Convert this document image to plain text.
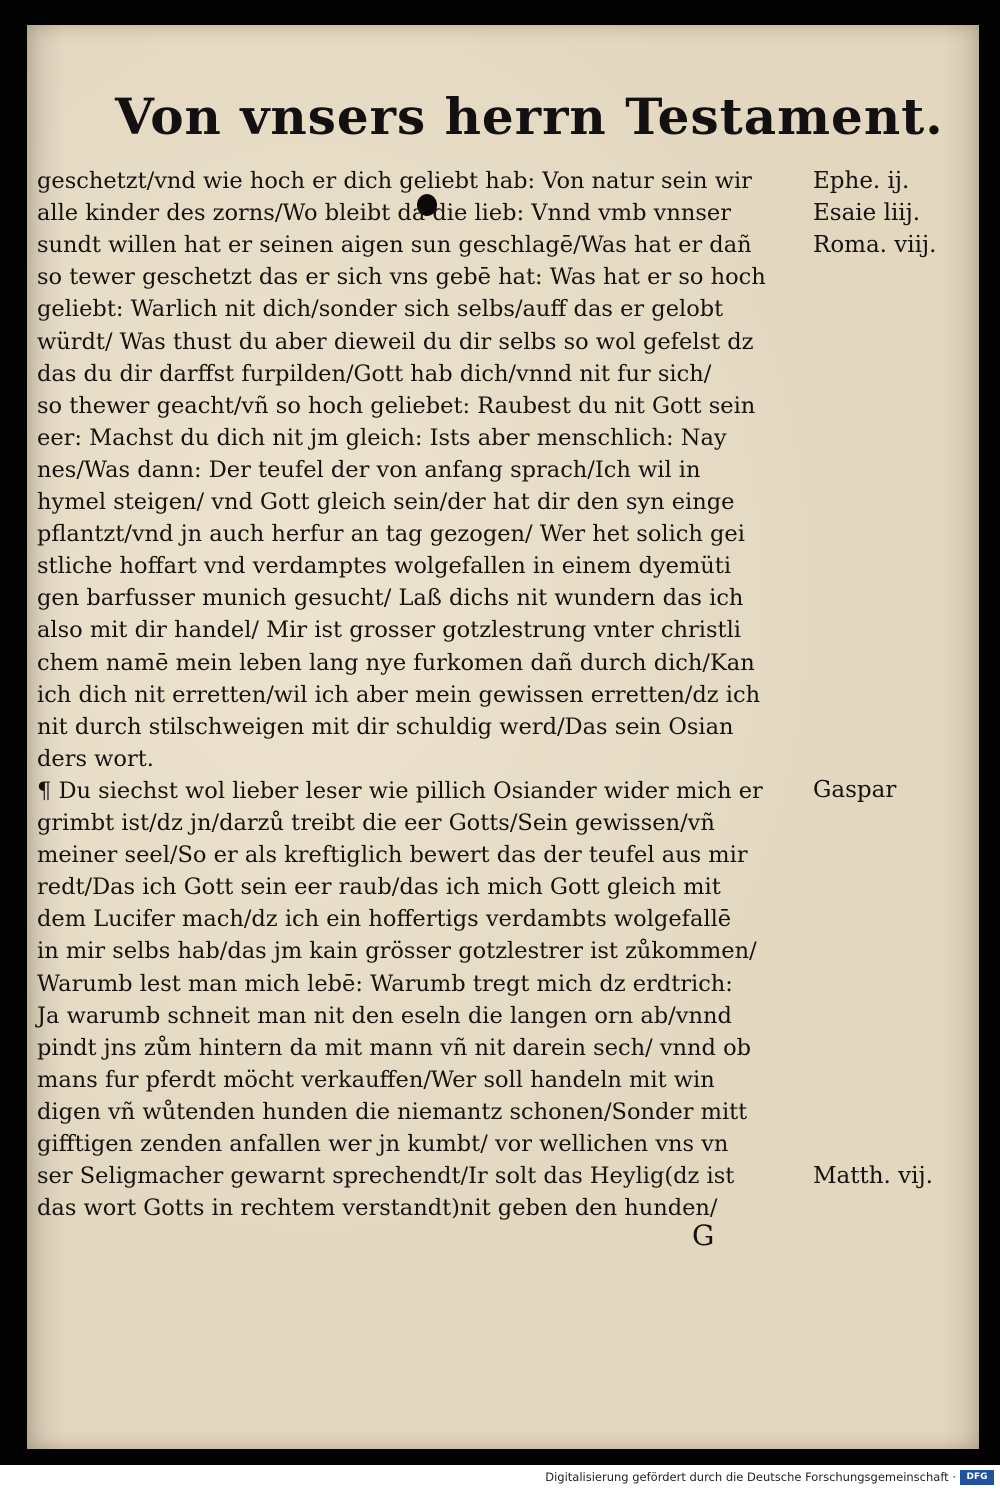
Von vnsers herrn Testament.
geschetzt/vnd wie hoch er dich geliebt hab: Von natur sein wir
alle kinder des zorns/Wo bleibt da die lieb: Vnnd vmb vnnser
sundt willen hat er seinen aigen sun geschlagē/Was hat er dañ
so tewer geschetzt das er sich vns gebē hat: Was hat er so hoch
geliebt: Warlich nit dich/sonder sich selbs/auff das er gelobt
würdt/ Was thust du aber dieweil du dir selbs so wol gefelst dz
das du dir darffst furpilden/Gott hab dich/vnnd nit fur sich/
so thewer geacht/vñ so hoch geliebet: Raubest du nit Gott sein
eer: Machst du dich nit jm gleich: Ists aber menschlich: Nay
nes/Was dann: Der teufel der von anfang sprach/Ich wil in
hymel steigen/ vnd Gott gleich sein/der hat dir den syn einge
pflantzt/vnd jn auch herfur an tag gezogen/ Wer het solich gei
stliche hoffart vnd verdamptes wolgefallen in einem dyemüti
gen barfusser munich gesucht/ Laß dichs nit wundern das ich
also mit dir handel/ Mir ist grosser gotzlestrung vnter christli
chem namē mein leben lang nye furkomen dañ durch dich/Kan
ich dich nit erretten/wil ich aber mein gewissen erretten/dz ich
nit durch stilschweigen mit dir schuldig werd/Das sein Osian
ders wort.
¶ Du siechst wol lieber leser wie pillich Osiander wider mich er
grimbt ist/dz jn/darzů treibt die eer Gotts/Sein gewissen/vñ
meiner seel/So er als kreftiglich bewert das der teufel aus mir
redt/Das ich Gott sein eer raub/das ich mich Gott gleich mit
dem Lucifer mach/dz ich ein hoffertigs verdambts wolgefallē
in mir selbs hab/das jm kain grösser gotzlestrer ist zůkommen/
Warumb lest man mich lebē: Warumb tregt mich dz erdtrich:
Ja warumb schneit man nit den eseln die langen orn ab/vnnd
pindt jns zům hintern da mit mann vñ nit darein sech/ vnnd ob
mans fur pferdt möcht verkauffen/Wer soll handeln mit win
digen vñ wůtenden hunden die niemantz schonen/Sonder mitt
gifftigen zenden anfallen wer jn kumbt/ vor wellichen vns vn
ser Seligmacher gewarnt sprechendt/Ir solt das Heylig(dz ist
das wort Gotts in rechtem verstandt)nit geben den hunden/
Ephe. ij.
Esaie liij.
Roma. viij.
Gaspar
Matth. vij.
G
Digitalisierung gefördert durch die Deutsche Forschungsgemeinschaft ·	DFG
